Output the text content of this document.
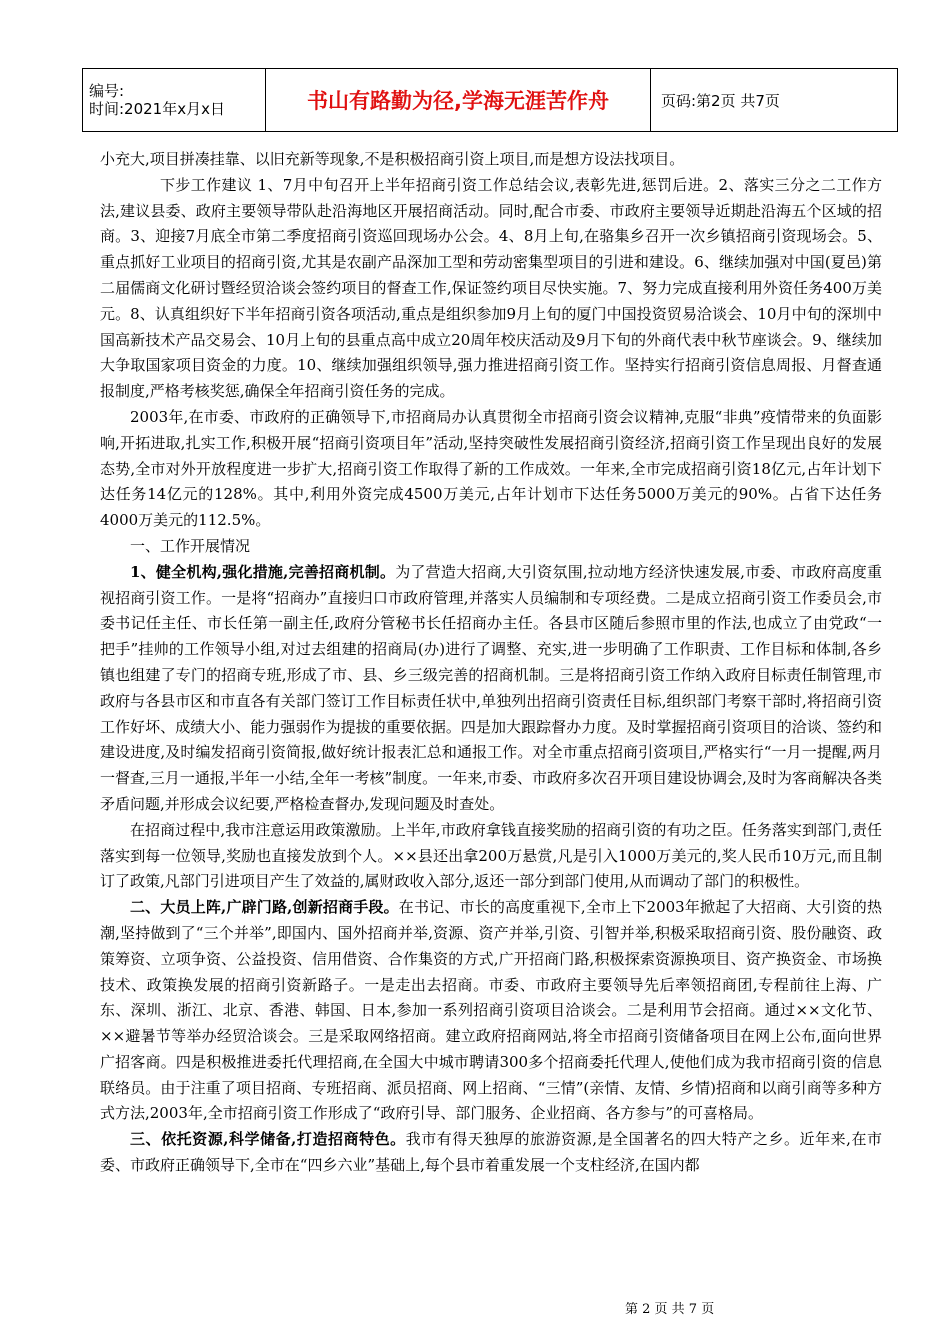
编号:
时间:2021年x月x日	书山有路勤为径,学海无涯苦作舟	页码:第2页 共7页

小充大,项目拼凑挂靠、以旧充新等现象,不是积极招商引资上项目,而是想方设法找项目。

下步工作建议 1、7月中旬召开上半年招商引资工作总结会议,表彰先进,惩罚后进。2、落实三分之二工作方法,建议县委、政府主要领导带队赴沿海地区开展招商活动。同时,配合市委、市政府主要领导近期赴沿海五个区域的招商。3、迎接7月底全市第二季度招商引资巡回现场办公会。4、8月上旬,在骆集乡召开一次乡镇招商引资现场会。5、重点抓好工业项目的招商引资,尤其是农副产品深加工型和劳动密集型项目的引进和建设。6、继续加强对中国(夏邑)第二届儒商文化研讨暨经贸洽谈会签约项目的督查工作,保证签约项目尽快实施。7、努力完成直接利用外资任务400万美元。8、认真组织好下半年招商引资各项活动,重点是组织参加9月上旬的厦门中国投资贸易洽谈会、10月中旬的深圳中国高新技术产品交易会、10月上旬的县重点高中成立20周年校庆活动及9月下旬的外商代表中秋节座谈会。9、继续加大争取国家项目资金的力度。10、继续加强组织领导,强力推进招商引资工作。坚持实行招商引资信息周报、月督查通报制度,严格考核奖惩,确保全年招商引资任务的完成。

2003年,在市委、市政府的正确领导下,市招商局办认真贯彻全市招商引资会议精神,克服“非典”疫情带来的负面影响,开拓进取,扎实工作,积极开展“招商引资项目年”活动,坚持突破性发展招商引资经济,招商引资工作呈现出良好的发展态势,全市对外开放程度进一步扩大,招商引资工作取得了新的工作成效。一年来,全市完成招商引资18亿元,占年计划下达任务14亿元的128%。其中,利用外资完成4500万美元,占年计划市下达任务5000万美元的90%。占省下达任务4000万美元的112.5%。

一、工作开展情况

1、健全机构,强化措施,完善招商机制。为了营造大招商,大引资氛围,拉动地方经济快速发展,市委、市政府高度重视招商引资工作。一是将“招商办”直接归口市政府管理,并落实人员编制和专项经费。二是成立招商引资工作委员会,市委书记任主任、市长任第一副主任,政府分管秘书长任招商办主任。各县市区随后参照市里的作法,也成立了由党政“一把手”挂帅的工作领导小组,对过去组建的招商局(办)进行了调整、充实,进一步明确了工作职责、工作目标和体制,各乡镇也组建了专门的招商专班,形成了市、县、乡三级完善的招商机制。三是将招商引资工作纳入政府目标责任制管理,市政府与各县市区和市直各有关部门签订工作目标责任状中,单独列出招商引资责任目标,组织部门考察干部时,将招商引资工作好坏、成绩大小、能力强弱作为提拔的重要依据。四是加大跟踪督办力度。及时掌握招商引资项目的洽谈、签约和建设进度,及时编发招商引资简报,做好统计报表汇总和通报工作。对全市重点招商引资项目,严格实行“一月一提醒,两月一督查,三月一通报,半年一小结,全年一考核”制度。一年来,市委、市政府多次召开项目建设协调会,及时为客商解决各类矛盾问题,并形成会议纪要,严格检查督办,发现问题及时查处。

在招商过程中,我市注意运用政策激励。上半年,市政府拿钱直接奖励的招商引资的有功之臣。任务落实到部门,责任落实到每一位领导,奖励也直接发放到个人。××县还出拿200万悬赏,凡是引入1000万美元的,奖人民币10万元,而且制订了政策,凡部门引进项目产生了效益的,属财政收入部分,返还一部分到部门使用,从而调动了部门的积极性。

二、大员上阵,广辟门路,创新招商手段。在书记、市长的高度重视下,全市上下2003年掀起了大招商、大引资的热潮,坚持做到了“三个并举”,即国内、国外招商并举,资源、资产并举,引资、引智并举,积极采取招商引资、股份融资、政策筹资、立项争资、公益投资、信用借资、合作集资的方式,广开招商门路,积极探索资源换项目、资产换资金、市场换技术、政策换发展的招商引资新路子。一是走出去招商。市委、市政府主要领导先后率领招商团,专程前往上海、广东、深圳、浙江、北京、香港、韩国、日本,参加一系列招商引资项目洽谈会。二是利用节会招商。通过××文化节、××避暑节等举办经贸洽谈会。三是采取网络招商。建立政府招商网站,将全市招商引资储备项目在网上公布,面向世界广招客商。四是积极推进委托代理招商,在全国大中城市聘请300多个招商委托代理人,使他们成为我市招商引资的信息联络员。由于注重了项目招商、专班招商、派员招商、网上招商、“三情”(亲情、友情、乡情)招商和以商引商等多种方式方法,2003年,全市招商引资工作形成了“政府引导、部门服务、企业招商、各方参与”的可喜格局。

三、依托资源,科学储备,打造招商特色。我市有得天独厚的旅游资源,是全国著名的四大特产之乡。近年来,在市委、市政府正确领导下,全市在“四乡六业”基础上,每个县市着重发展一个支柱经济,在国内都

第 2 页 共 7 页
